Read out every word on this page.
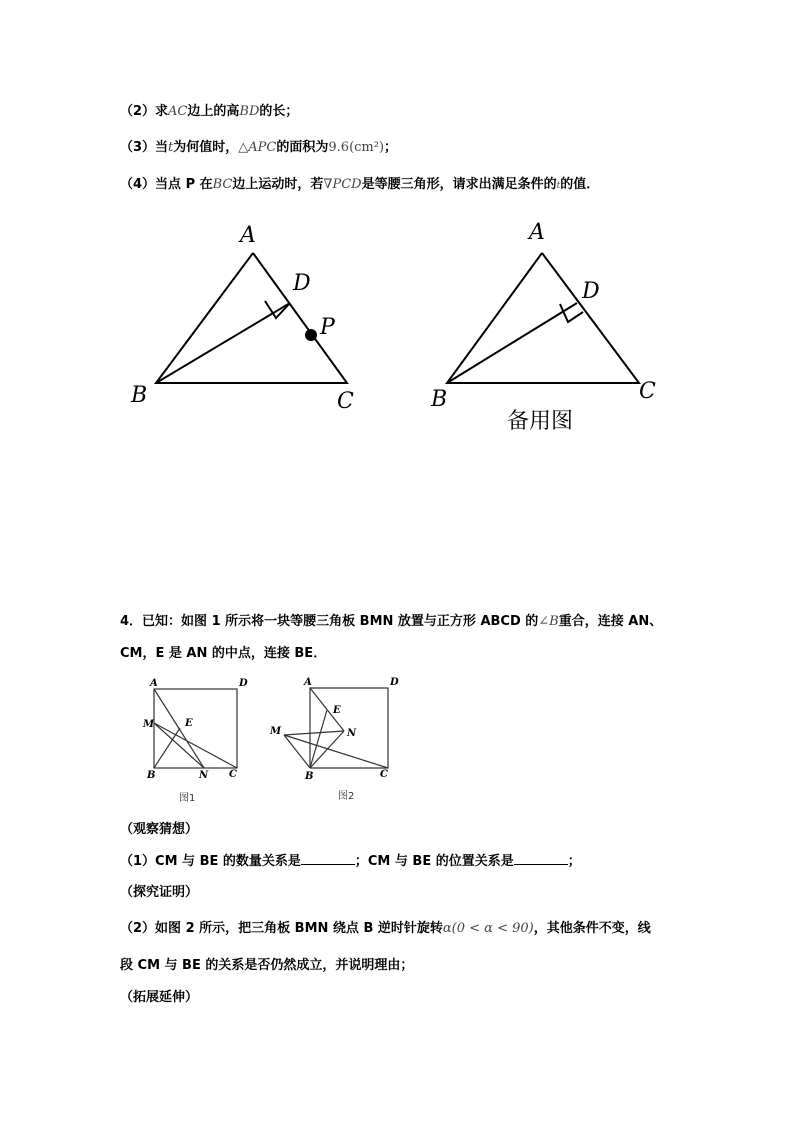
（2）求AC边上的高BD的长；
（3）当t为何值时，△APC的面积为9.6(cm²)；
（4）当点 P 在BC边上运动时，若∇PCD是等腰三角形，请求出满足条件的t的值．
A
D
P
B	C
A
D
B	C
备用图
A	D
M	E
B	N C
图1
A	D
E
M	N
B	C
图2
4．已知：如图 1 所示将一块等腰三角板 BMN 放置与正方形 ABCD 的∠B重合，连接 AN、
CM，E 是 AN 的中点，连接 BE．
（观察猜想）
（1）CM 与 BE 的数量关系是	；CM 与 BE 的位置关系是	；
（探究证明）
（2）如图 2 所示，把三角板 BMN 绕点 B 逆时针旋转α(0 < α < 90)，其他条件不变，线
段 CM 与 BE 的关系是否仍然成立，并说明理由；
（拓展延伸）
